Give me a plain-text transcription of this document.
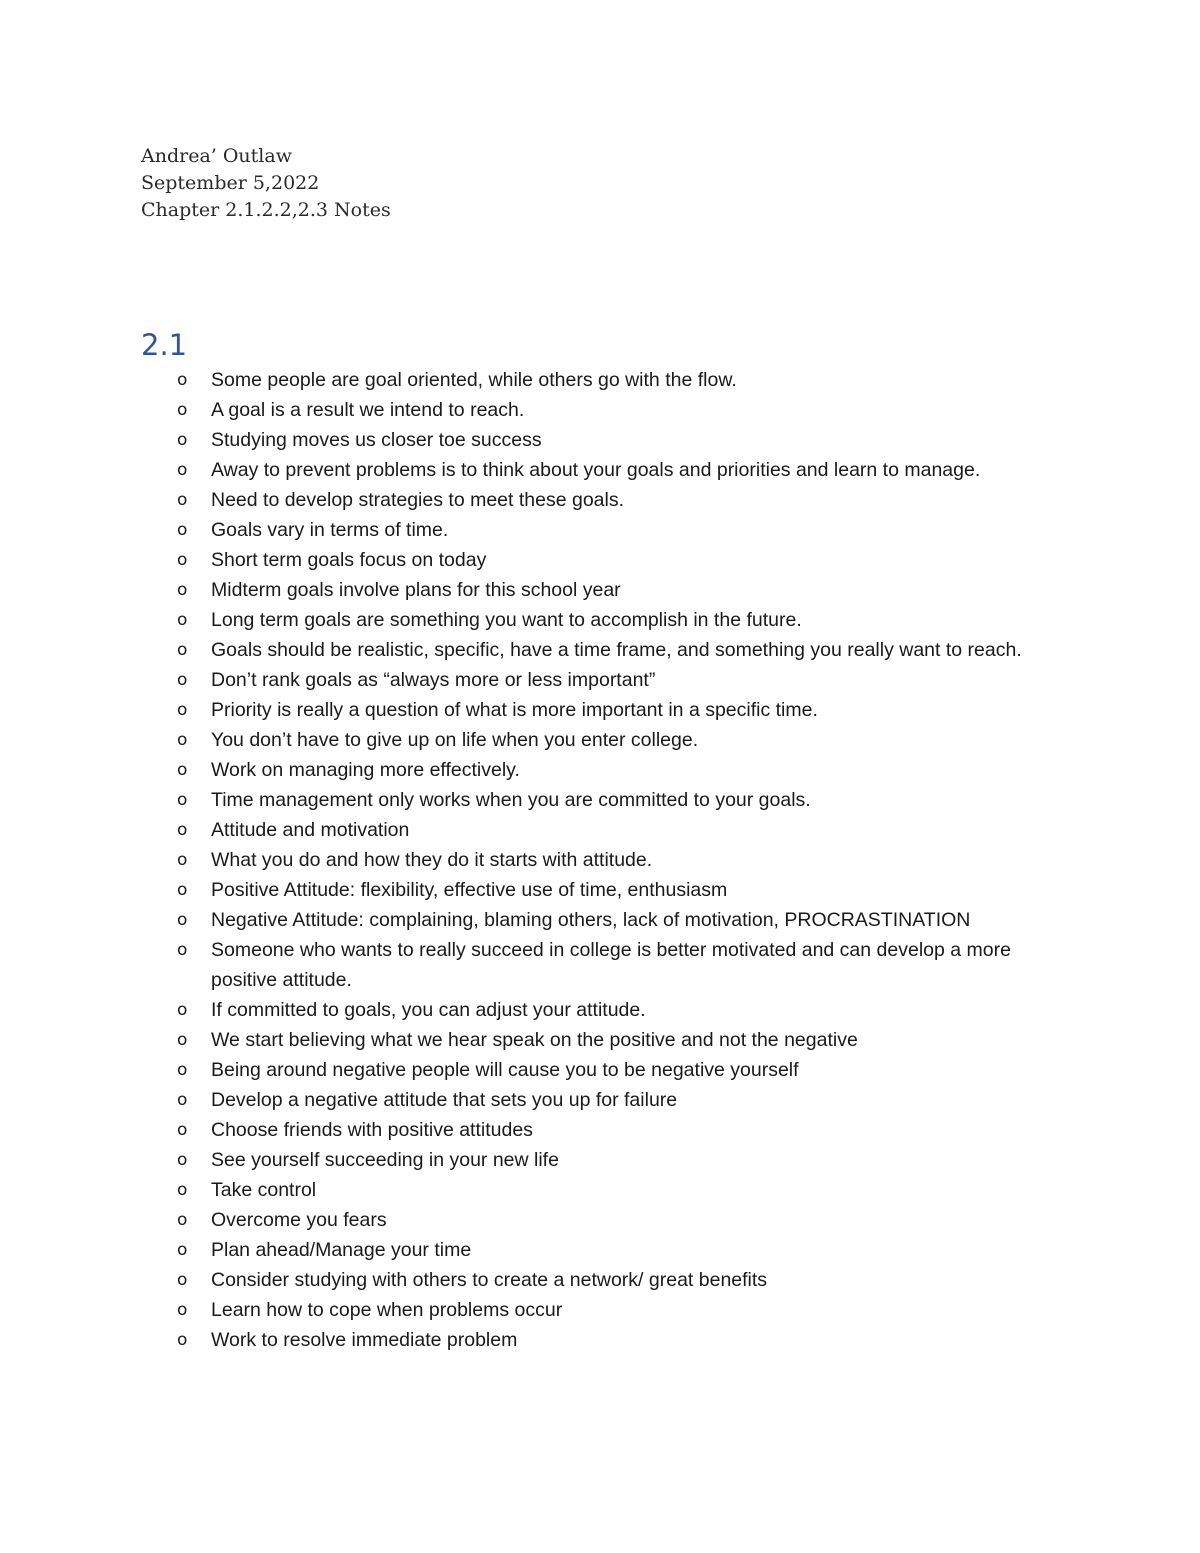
Andrea’ Outlaw
September 5,2022
Chapter 2.1.2.2,2.3 Notes
2.1
o Some people are goal oriented, while others go with the flow.
o A goal is a result we intend to reach.
o Studying moves us closer toe success
o Away to prevent problems is to think about your goals and priorities and learn to manage.
o Need to develop strategies to meet these goals.
o Goals vary in terms of time.
o Short term goals focus on today
o Midterm goals involve plans for this school year
o Long term goals are something you want to accomplish in the future.
o Goals should be realistic, specific, have a time frame, and something you really want to reach.
o Don’t rank goals as “always more or less important”
o Priority is really a question of what is more important in a specific time.
o You don’t have to give up on life when you enter college.
o Work on managing more effectively.
o Time management only works when you are committed to your goals.
o Attitude and motivation
o What you do and how they do it starts with attitude.
o Positive Attitude: flexibility, effective use of time, enthusiasm
o Negative Attitude: complaining, blaming others, lack of motivation, PROCRASTINATION
o Someone who wants to really succeed in college is better motivated and can develop a more positive attitude.
o If committed to goals, you can adjust your attitude.
o We start believing what we hear speak on the positive and not the negative
o Being around negative people will cause you to be negative yourself
o Develop a negative attitude that sets you up for failure
o Choose friends with positive attitudes
o See yourself succeeding in your new life
o Take control
o Overcome you fears
o Plan ahead/Manage your time
o Consider studying with others to create a network/ great benefits
o Learn how to cope when problems occur
o Work to resolve immediate problem
